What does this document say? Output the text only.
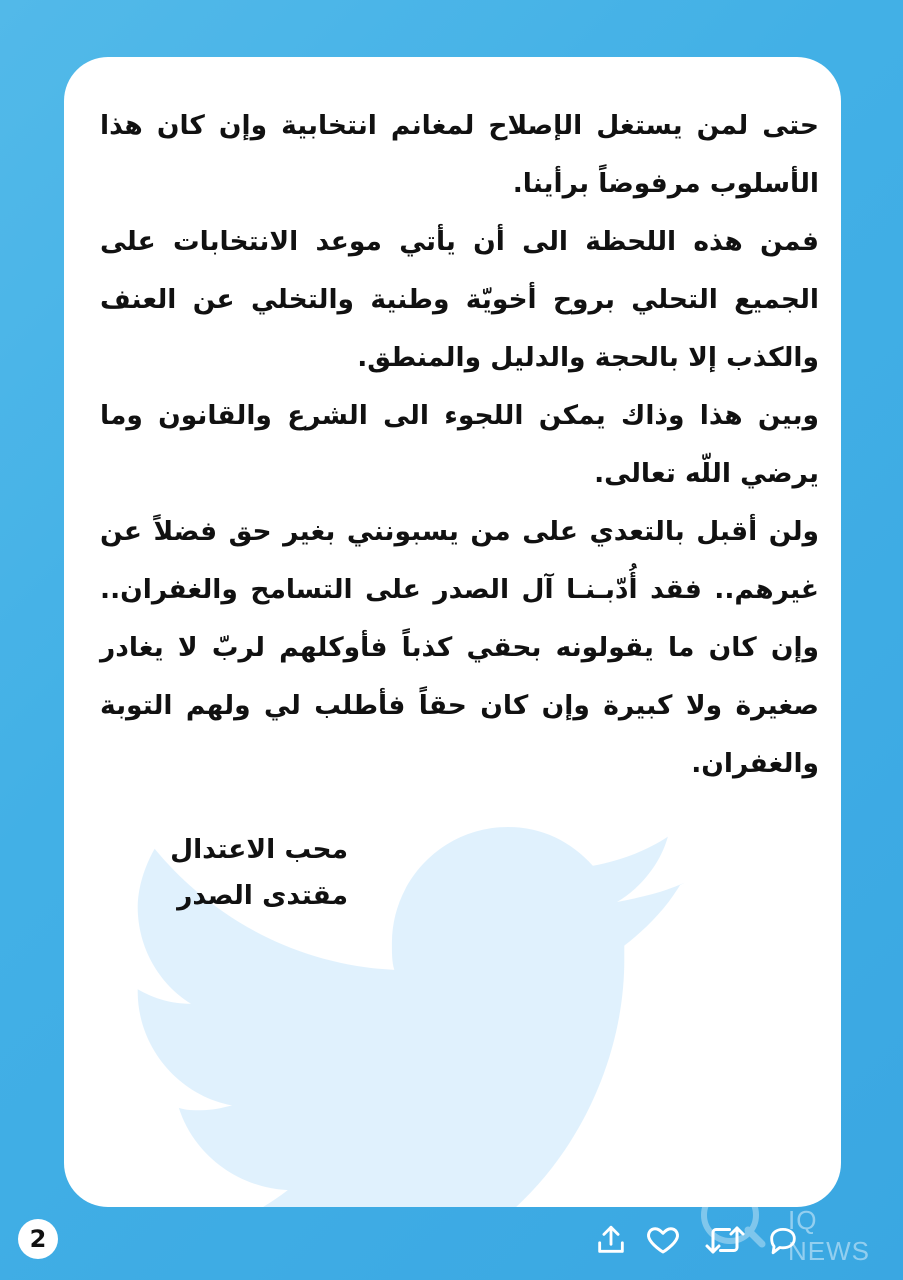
حتى لمن يستغل الإصلاح لمغانم انتخابية وإن كان هذا الأسلوب مرفوضاً برأينا.

فمن هذه اللحظة الى أن يأتي موعد الانتخابات على الجميع التحلي بروح أخويّة وطنية والتخلي عن العنف والكذب إلا بالحجة والدليل والمنطق.

وبين هذا وذاك يمكن اللجوء الى الشرع والقانون وما يرضي اللّه تعالى.

ولن أقبل بالتعدي على من يسبونني بغير حق فضلاً عن غيرهم.. فقد أُدّبـنـا آل الصدر على التسامح والغفران.. وإن كان ما يقولونه بحقي كذباً فأوكلهم لربّ لا يغادر صغيرة ولا كبيرة وإن كان حقاً فأطلب لي ولهم التوبة والغفران.

محب الاعتدال
مقتدى الصدر
2
IQ NEWS
